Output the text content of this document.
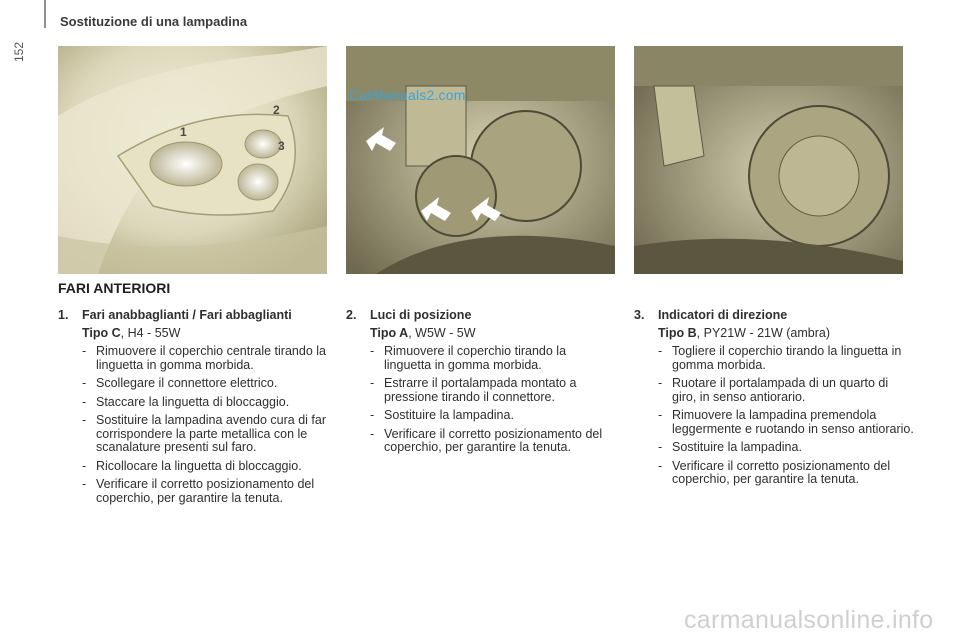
152
Sostituzione di una lampadina
1
2
3
CarManuals2.com
FARI ANTERIORI
1.	Fari anabbaglianti / Fari abbaglianti
Tipo C, H4 - 55W
- Rimuovere il coperchio centrale tirando la linguetta in gomma morbida.
- Scollegare il connettore elettrico.
- Staccare la linguetta di bloccaggio.
- Sostituire la lampadina avendo cura di far corrispondere la parte metallica con le scanalature presenti sul faro.
- Ricollocare la linguetta di bloccaggio.
- Verificare il corretto posizionamento del coperchio, per garantire la tenuta.
2.	Luci di posizione
Tipo A, W5W - 5W
- Rimuovere il coperchio tirando la linguetta in gomma morbida.
- Estrarre il portalampada montato a pressione tirando il connettore.
- Sostituire la lampadina.
- Verificare il corretto posizionamento del coperchio, per garantire la tenuta.
3.	Indicatori di direzione
Tipo B, PY21W - 21W (ambra)
- Togliere il coperchio tirando la linguetta in gomma morbida.
- Ruotare il portalampada di un quarto di giro, in senso antiorario.
- Rimuovere la lampadina premendola leggermente e ruotando in senso antiorario.
- Sostituire la lampadina.
- Verificare il corretto posizionamento del coperchio, per garantire la tenuta.
carmanualsonline.info
